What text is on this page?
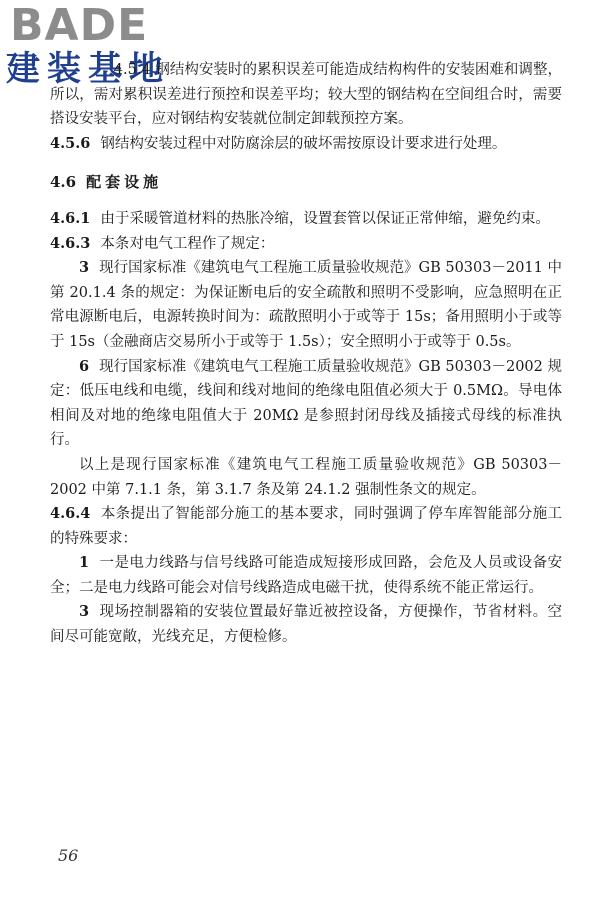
BADE
建装基地

4.5.4 钢结构安装时的累积误差可能造成结构构件的安装困难和调整，所以，需对累积误差进行预控和误差平均；较大型的钢结构在空间组合时，需要搭设安装平台，应对钢结构安装就位制定卸载预控方案。

4.5.6 钢结构安装过程中对防腐涂层的破坏需按原设计要求进行处理。

4.6 配套设施

4.6.1 由于采暖管道材料的热胀冷缩，设置套管以保证正常伸缩，避免约束。

4.6.3 本条对电气工程作了规定：

3 现行国家标准《建筑电气工程施工质量验收规范》GB 50303－2011 中第 20.1.4 条的规定：为保证断电后的安全疏散和照明不受影响，应急照明在正常电源断电后，电源转换时间为：疏散照明小于或等于 15s；备用照明小于或等于 15s（金融商店交易所小于或等于 1.5s）；安全照明小于或等于 0.5s。

6 现行国家标准《建筑电气工程施工质量验收规范》GB 50303－2002 规定：低压电线和电缆，线间和线对地间的绝缘电阻值必须大于 0.5MΩ。导电体相间及对地的绝缘电阻值大于 20MΩ 是参照封闭母线及插接式母线的标准执行。

以上是现行国家标准《建筑电气工程施工质量验收规范》GB 50303－2002 中第 7.1.1 条，第 3.1.7 条及第 24.1.2 强制性条文的规定。

4.6.4 本条提出了智能部分施工的基本要求，同时强调了停车库智能部分施工的特殊要求：

1 一是电力线路与信号线路可能造成短接形成回路，会危及人员或设备安全；二是电力线路可能会对信号线路造成电磁干扰，使得系统不能正常运行。

3 现场控制器箱的安装位置最好靠近被控设备，方便操作，节省材料。空间尽可能宽敞，光线充足，方便检修。

56
